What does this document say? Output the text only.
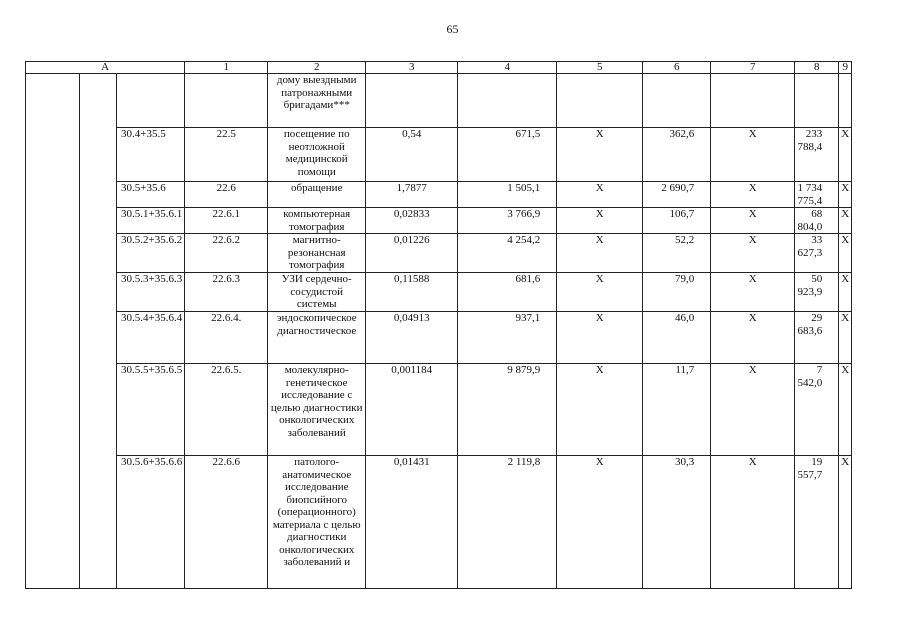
65
А			1	2	3	4	5	6	7	8	9
				дому выездными патронажными бригадами***							
		30.4+35.5	22.5	посещение по неотложной медицинской помощи	0,54	671,5	Х	362,6	Х	233 788,4	Х
		30.5+35.6	22.6	обращение	1,7877	1 505,1	Х	2 690,7	Х	1 734 775,4	Х
		30.5.1+35.6.1	22.6.1	компьютерная томография	0,02833	3 766,9	Х	106,7	Х	68 804,0	Х
		30.5.2+35.6.2	22.6.2	магнитно-резонансная томография	0,01226	4 254,2	Х	52,2	Х	33 627,3	Х
		30.5.3+35.6.3	22.6.3	УЗИ сердечно-сосудистой системы	0,11588	681,6	Х	79,0	Х	50 923,9	Х
		30.5.4+35.6.4	22.6.4.	эндоскопическое диагностическое	0,04913	937,1	Х	46,0	Х	29 683,6	Х
		30.5.5+35.6.5	22.6.5.	молекулярно-генетическое исследование с целью диагностики онкологических заболеваний	0,001184	9 879,9	Х	11,7	Х	7 542,0	Х
		30.5.6+35.6.6	22.6.6	патолого-анатомическое исследование биопсийного (операционного) материала с целью диагностики онкологических заболеваний и	0,01431	2 119,8	Х	30,3	Х	19 557,7	Х
